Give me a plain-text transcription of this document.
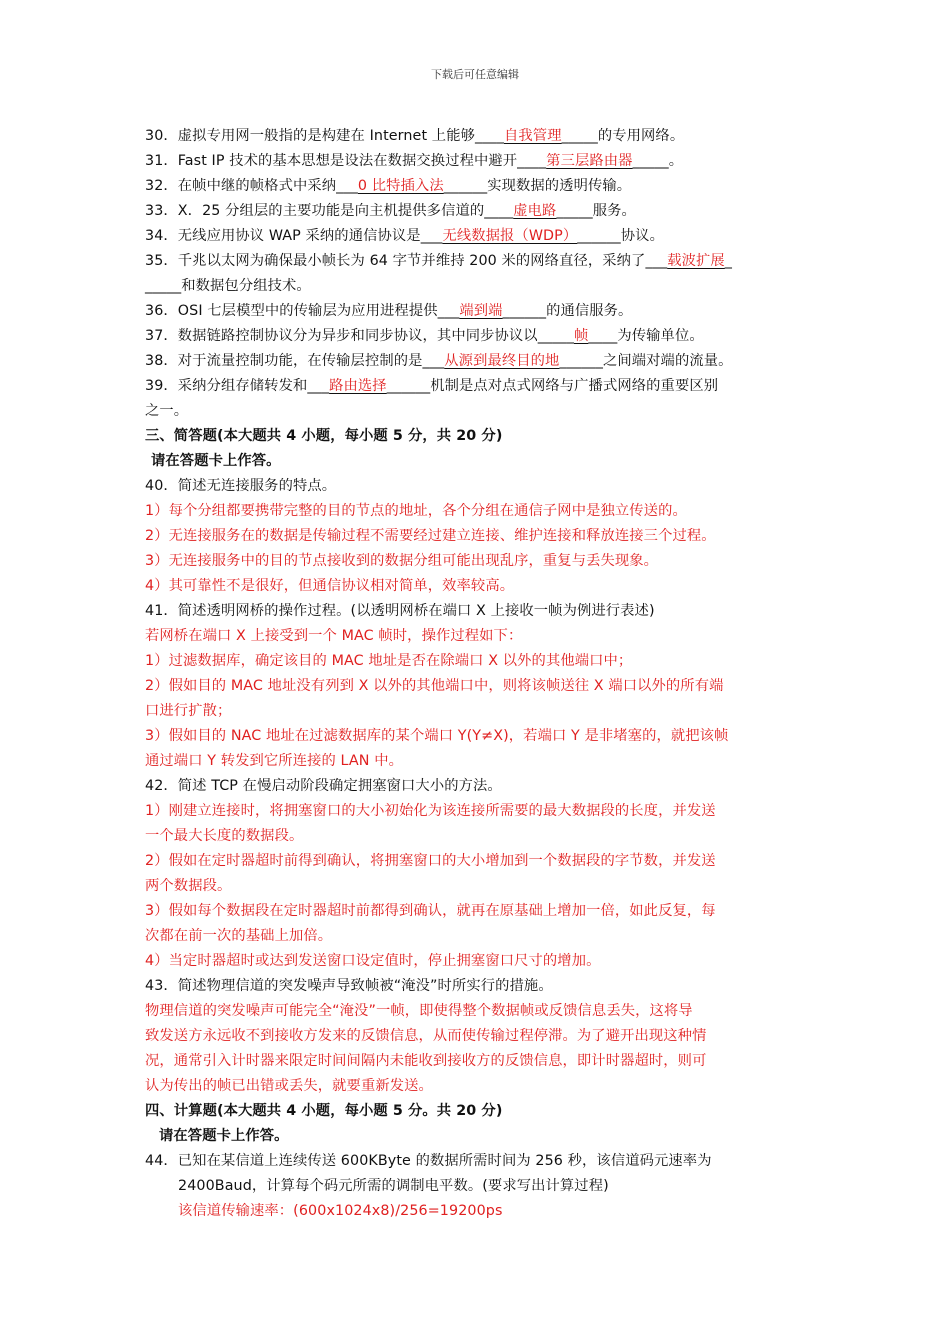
下载后可任意编辑
30．虚拟专用网一般指的是构建在 Internet 上能够____自我管理_____的专用网络。
31．Fast IP 技术的基本思想是设法在数据交换过程中避开____第三层路由器_____。
32．在帧中继的帧格式中采纳___0 比特插入法______实现数据的透明传输。
33．X．25 分组层的主要功能是向主机提供多信道的____虚电路_____服务。
34．无线应用协议 WAP 采纳的通信协议是___无线数据报（WDP）______协议。
35．千兆以太网为确保最小帧长为 64 字节并维持 200 米的网络直径，采纳了___载波扩展_
_____和数据包分组技术。
36．OSI 七层模型中的传输层为应用进程提供___端到端______的通信服务。
37．数据链路控制协议分为异步和同步协议，其中同步协议以_____帧____为传输单位。
38．对于流量控制功能，在传输层控制的是___从源到最终目的地______之间端对端的流量。
39．采纳分组存储转发和___路由选择______机制是点对点式网络与广播式网络的重要区别
之一。
三、简答题(本大题共 4 小题，每小题 5 分，共 20 分)
请在答题卡上作答。
40．简述无连接服务的特点。
1）每个分组都要携带完整的目的节点的地址，各个分组在通信子网中是独立传送的。
2）无连接服务在的数据是传输过程不需要经过建立连接、维护连接和释放连接三个过程。
3）无连接服务中的目的节点接收到的数据分组可能出现乱序，重复与丢失现象。
4）其可靠性不是很好，但通信协议相对简单，效率较高。
41．简述透明网桥的操作过程。(以透明网桥在端口 X 上接收一帧为例进行表述)
若网桥在端口 X 上接受到一个 MAC 帧时，操作过程如下：
1）过滤数据库，确定该目的 MAC 地址是否在除端口 X 以外的其他端口中；
2）假如目的 MAC 地址没有列到 X 以外的其他端口中，则将该帧送往 X 端口以外的所有端
口进行扩散；
3）假如目的 NAC 地址在过滤数据库的某个端口 Y(Y≠X)，若端口 Y 是非堵塞的，就把该帧
通过端口 Y 转发到它所连接的 LAN 中。
42．简述 TCP 在慢启动阶段确定拥塞窗口大小的方法。
1）刚建立连接时，将拥塞窗口的大小初始化为该连接所需要的最大数据段的长度，并发送
一个最大长度的数据段。
2）假如在定时器超时前得到确认，将拥塞窗口的大小增加到一个数据段的字节数，并发送
两个数据段。
3）假如每个数据段在定时器超时前都得到确认，就再在原基础上增加一倍，如此反复，每
次都在前一次的基础上加倍。
4）当定时器超时或达到发送窗口设定值时，停止拥塞窗口尺寸的增加。
43．简述物理信道的突发噪声导致帧被“淹没”时所实行的措施。
物理信道的突发噪声可能完全“淹没”一帧，即使得整个数据帧或反馈信息丢失，这将导
致发送方永远收不到接收方发来的反馈信息，从而使传输过程停滞。为了避开出现这种情
况，通常引入计时器来限定时间间隔内未能收到接收方的反馈信息，即计时器超时，则可
认为传出的帧已出错或丢失，就要重新发送。
四、计算题(本大题共 4 小题，每小题 5 分。共 20 分)
请在答题卡上作答。
44．已知在某信道上连续传送 600KByte 的数据所需时间为 256 秒，该信道码元速率为
2400Baud，计算每个码元所需的调制电平数。(要求写出计算过程)
该信道传输速率：(600x1024x8)/256=19200ps
